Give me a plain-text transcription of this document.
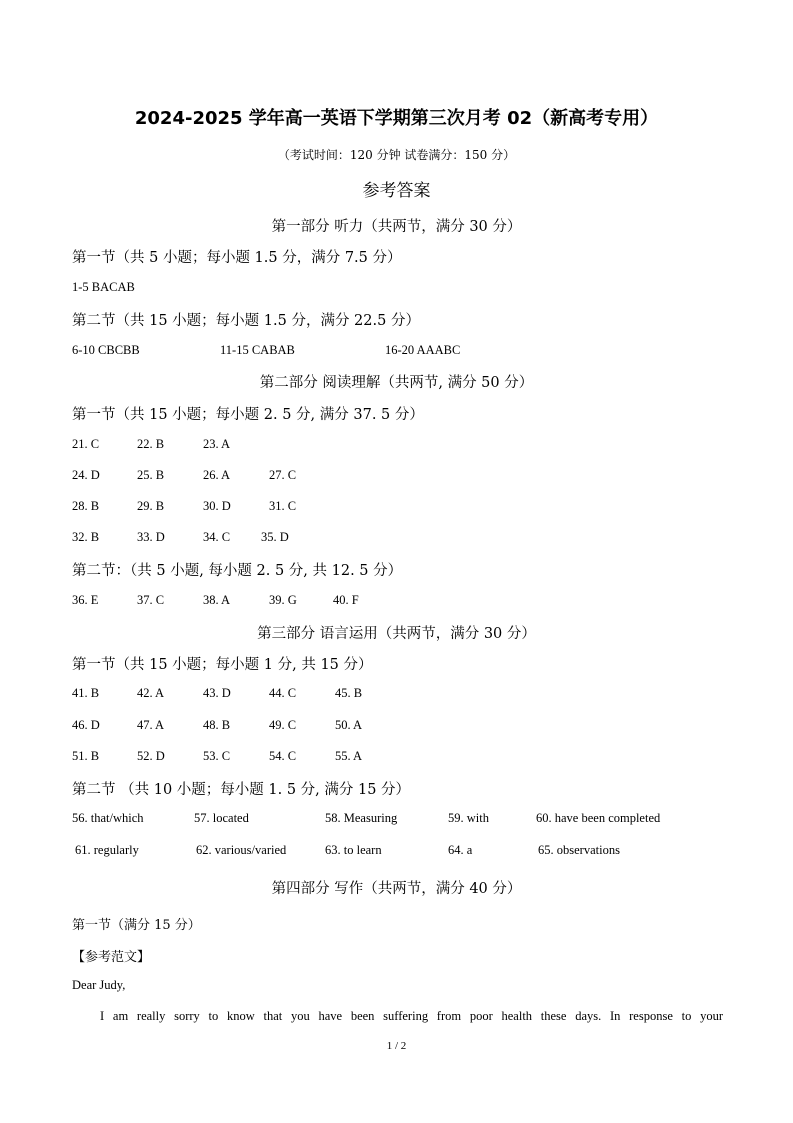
2024-2025 学年高一英语下学期第三次月考 02（新高考专用）
（考试时间：120 分钟 试卷满分：150 分）
参考答案
第一部分 听力（共两节，满分 30 分）
第一节（共 5 小题；每小题 1.5 分，满分 7.5 分）
1-5 BACAB
第二节（共 15 小题；每小题 1.5 分，满分 22.5 分）
6-10 CBCBB	11-15 CABAB	16-20 AAABC
第二部分 阅读理解（共两节, 满分 50 分）
第一节（共 15 小题；每小题 2. 5 分, 满分 37. 5 分）
21. C	22. B	23. A
24. D	25. B	26. A	27. C
28. B	29. B	30. D	31. C
32. B	33. D	34. C 35. D
第二节：（共 5 小题, 每小题 2. 5 分, 共 12. 5 分）
36. E	37. C	38. A	39. G	40. F
第三部分 语言运用（共两节，满分 30 分）
第一节（共 15 小题；每小题 1 分, 共 15 分）
41. B	42. A	43. D	44. C	45. B
46. D	47. A	48. B	49. C	50. A
51. B	52. D	53. C	54. C	55. A
第二节 （共 10 小题；每小题 1. 5 分, 满分 15 分）
56. that/which	57. located	58. Measuring	59. with	60. have been completed
61. regularly	62. various/varied	63. to learn	64. a	65. observations
第四部分 写作（共两节，满分 40 分）
第一节（满分 15 分）
【参考范文】
Dear Judy,
I am really sorry to know that you have been suffering from poor health these days. In response to your
1 / 2
